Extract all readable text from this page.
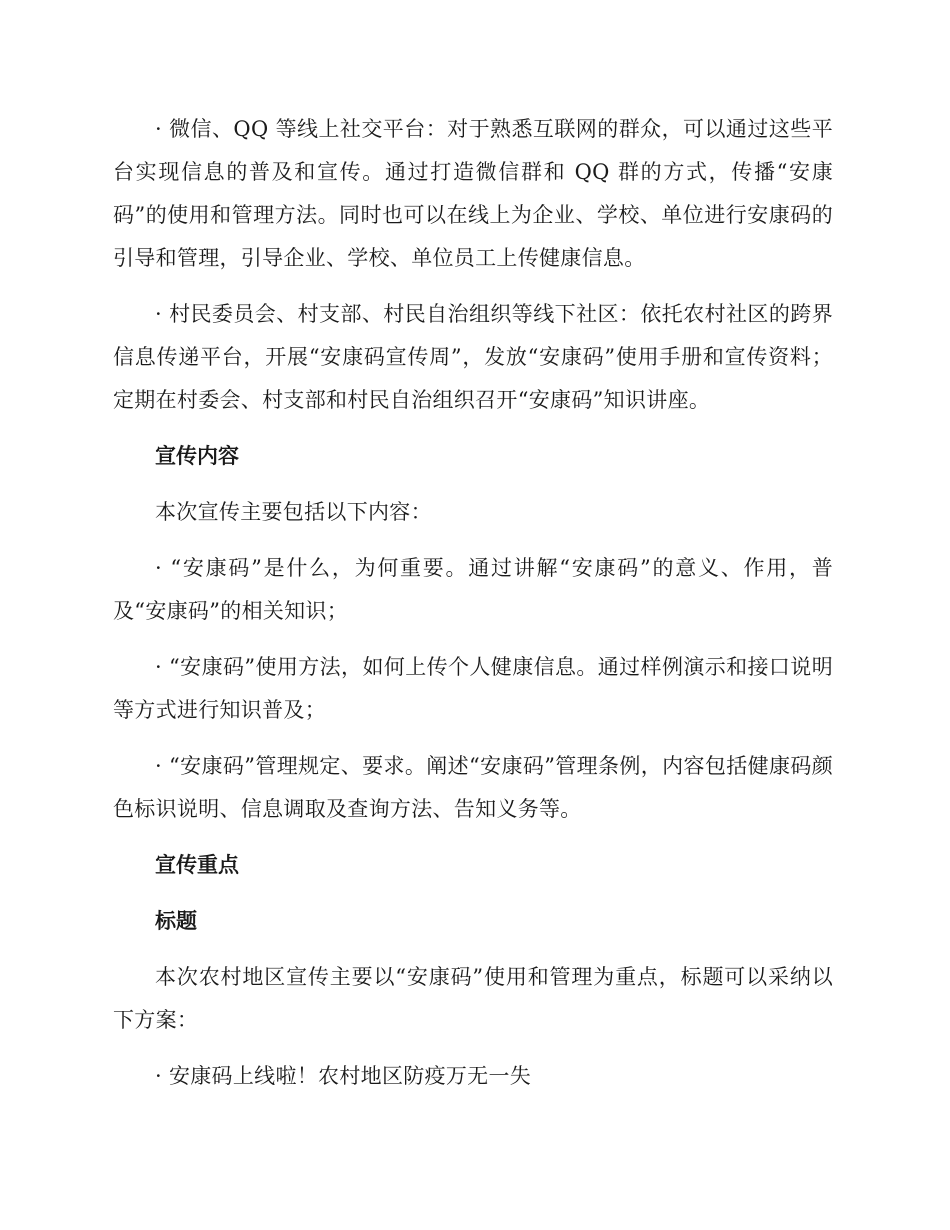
· 微信、QQ 等线上社交平台：对于熟悉互联网的群众，可以通过这些平台实现信息的普及和宣传。通过打造微信群和 QQ 群的方式，传播“安康码”的使用和管理方法。同时也可以在线上为企业、学校、单位进行安康码的引导和管理，引导企业、学校、单位员工上传健康信息。

· 村民委员会、村支部、村民自治组织等线下社区：依托农村社区的跨界信息传递平台，开展“安康码宣传周”，发放“安康码”使用手册和宣传资料；定期在村委会、村支部和村民自治组织召开“安康码”知识讲座。

宣传内容

本次宣传主要包括以下内容：

· “安康码”是什么，为何重要。通过讲解“安康码”的意义、作用，普及“安康码”的相关知识；

· “安康码”使用方法，如何上传个人健康信息。通过样例演示和接口说明等方式进行知识普及；

· “安康码”管理规定、要求。阐述“安康码”管理条例，内容包括健康码颜色标识说明、信息调取及查询方法、告知义务等。

宣传重点

标题

本次农村地区宣传主要以“安康码”使用和管理为重点，标题可以采纳以下方案：

· 安康码上线啦！农村地区防疫万无一失
